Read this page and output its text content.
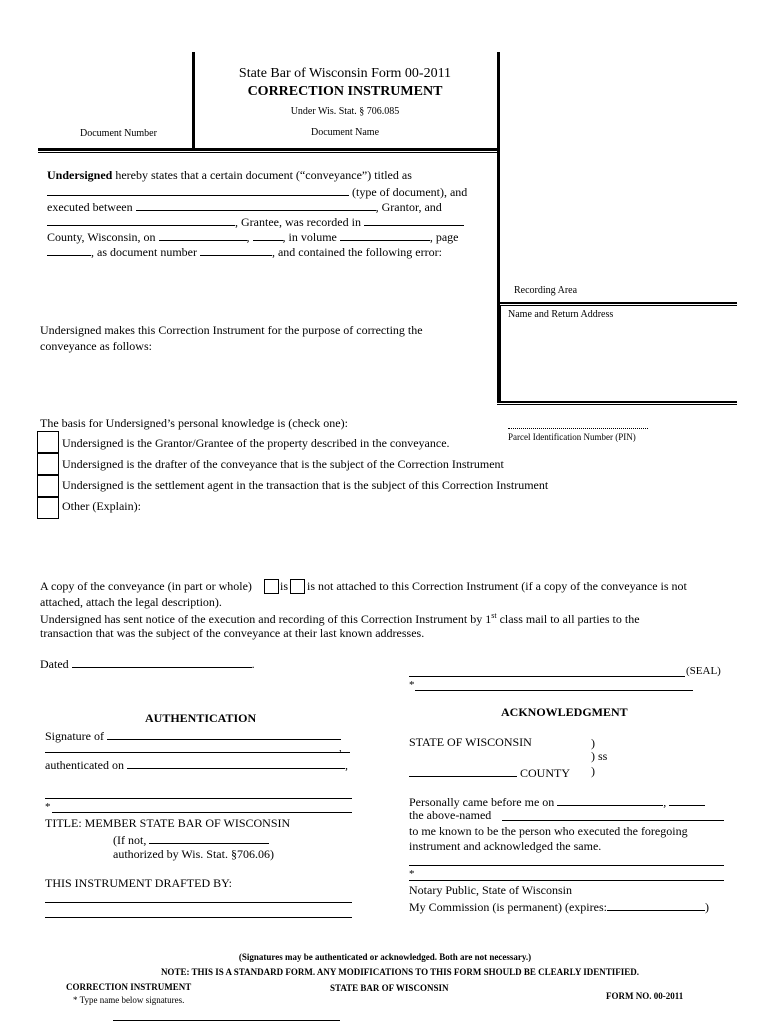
State Bar of Wisconsin Form 00-2011
CORRECTION INSTRUMENT
Under Wis. Stat. § 706.085
Document Number	Document Name
Recording Area
Name and Return Address
Parcel Identification Number (PIN)
Undersigned hereby states that a certain document (“conveyance”) titled as
(type of document), and
executed between	, Grantor, and
, Grantee, was recorded in
County, Wisconsin, on	,	, in volume	, page
, as document number	, and contained the following error:
Undersigned makes this Correction Instrument for the purpose of correcting the
conveyance as follows:
The basis for Undersigned’s personal knowledge is (check one):
Undersigned is the Grantor/Grantee of the property described in the conveyance.
Undersigned is the drafter of the conveyance that is the subject of the Correction Instrument
Undersigned is the settlement agent in the transaction that is the subject of this Correction Instrument
Other (Explain):
A copy of the conveyance (in part or whole) is is not attached to this Correction Instrument (if a copy of the conveyance is not
attached, attach the legal description).
Undersigned has sent notice of the execution and recording of this Correction Instrument by 1st class mail to all parties to the
transaction that was the subject of the conveyance at their last known addresses.
Dated	.	(SEAL)
*
AUTHENTICATION
Signature of
,
authenticated on	,
*
TITLE: MEMBER STATE BAR OF WISCONSIN
(If not,
authorized by Wis. Stat. §706.06)
THIS INSTRUMENT DRAFTED BY:
ACKNOWLEDGMENT
STATE OF WISCONSIN	)
) ss
COUNTY )
Personally came before me on	,
the above-named
to me known to be the person who executed the foregoing
instrument and acknowledged the same.
*
Notary Public, State of Wisconsin
My Commission (is permanent) (expires:	)
(Signatures may be authenticated or acknowledged. Both are not necessary.)
NOTE: THIS IS A STANDARD FORM. ANY MODIFICATIONS TO THIS FORM SHOULD BE CLEARLY IDENTIFIED.
CORRECTION INSTRUMENT
* Type name below signatures.
STATE BAR OF WISCONSIN
FORM NO. 00-2011
